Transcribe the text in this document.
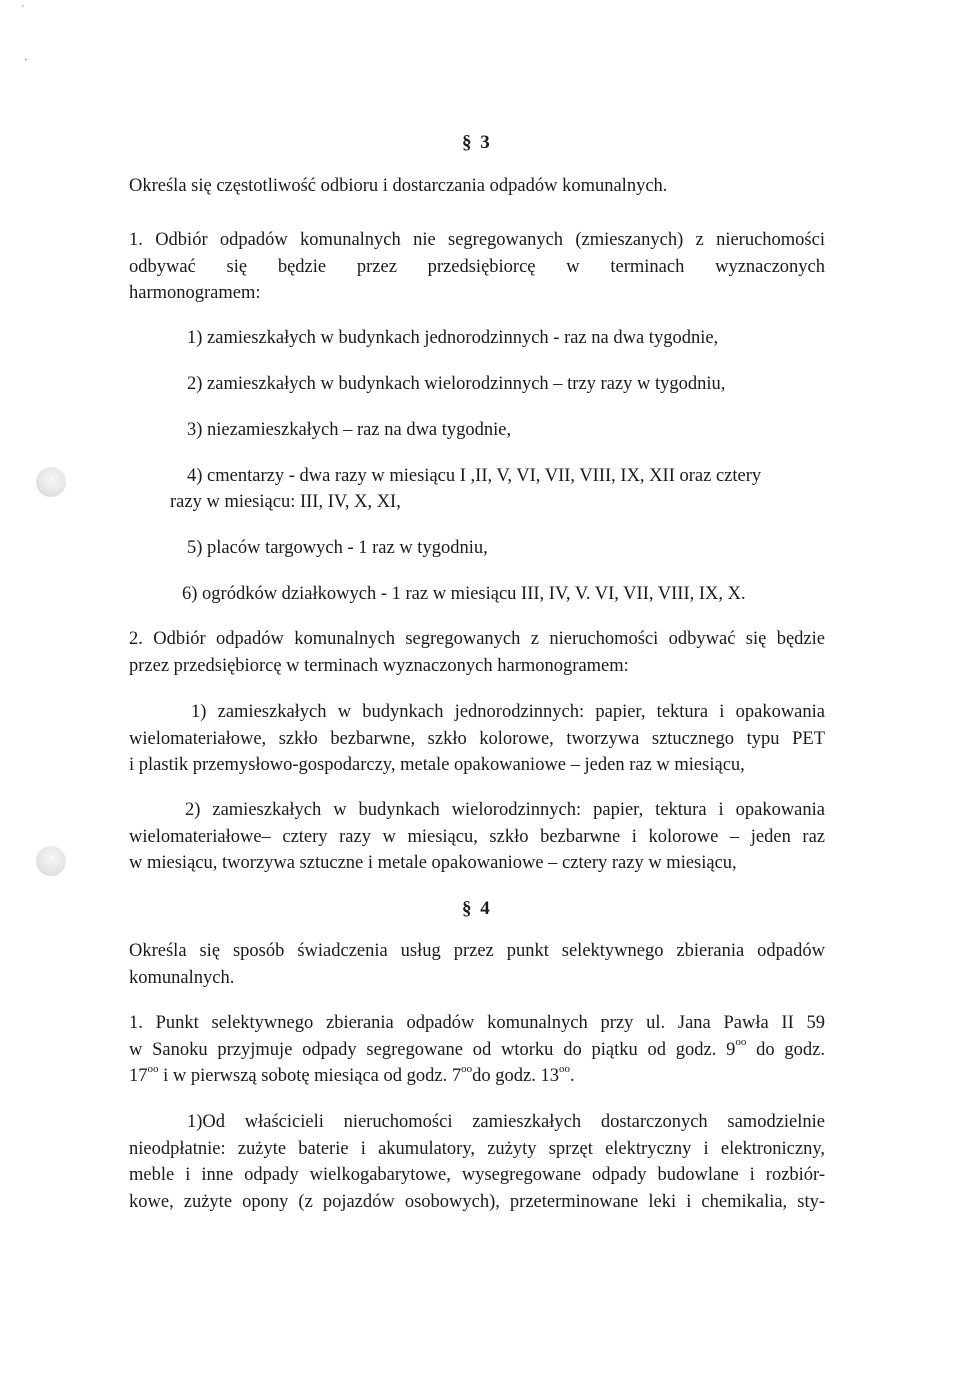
'
˚
§ 3
Określa się częstotliwość odbioru i dostarczania odpadów komunalnych.
1. Odbiór odpadów komunalnych nie segregowanych (zmieszanych) z nieruchomości
odbywać się będzie przez przedsiębiorcę w terminach wyznaczonych
harmonogramem:
1) zamieszkałych w budynkach jednorodzinnych - raz na dwa tygodnie,
2) zamieszkałych w budynkach wielorodzinnych – trzy razy w tygodniu,
3) niezamieszkałych – raz na dwa tygodnie,
4) cmentarzy - dwa razy w miesiącu I ,II, V, VI, VII, VIII, IX, XII oraz cztery
razy w miesiącu: III, IV, X, XI,
5) placów targowych - 1 raz w tygodniu,
6) ogródków działkowych - 1 raz w miesiącu III, IV, V. VI, VII, VIII, IX, X.
2. Odbiór odpadów komunalnych segregowanych z nieruchomości odbywać się będzie
przez przedsiębiorcę w terminach wyznaczonych harmonogramem:
1) zamieszkałych w budynkach jednorodzinnych: papier, tektura i opakowania
wielomateriałowe, szkło bezbarwne, szkło kolorowe, tworzywa sztucznego typu PET
i plastik przemysłowo-gospodarczy, metale opakowaniowe – jeden raz w miesiącu,
2) zamieszkałych w budynkach wielorodzinnych: papier, tektura i opakowania
wielomateriałowe– cztery razy w miesiącu, szkło bezbarwne i kolorowe – jeden raz
w miesiącu, tworzywa sztuczne i metale opakowaniowe – cztery razy w miesiącu,
§ 4
Określa się sposób świadczenia usług przez punkt selektywnego zbierania odpadów
komunalnych.
1. Punkt selektywnego zbierania odpadów komunalnych przy ul. Jana Pawła II 59
w Sanoku przyjmuje odpady segregowane od wtorku do piątku od godz. $9^{oo}$ do godz.
$17^{oo}$ i w pierwszą sobotę miesiąca od godz. $7^{oo}do$ godz. $13^{oo}$.
1)Od właścicieli nieruchomości zamieszkałych dostarczonych samodzielnie
nieodpłatnie: zużyte baterie i akumulatory, zużyty sprzęt elektryczny i elektroniczny,
meble i inne odpady wielkogabarytowe, wysegregowane odpady budowlane i rozbiór-
kowe, zużyte opony (z pojazdów osobowych), przeterminowane leki i chemikalia, sty-
